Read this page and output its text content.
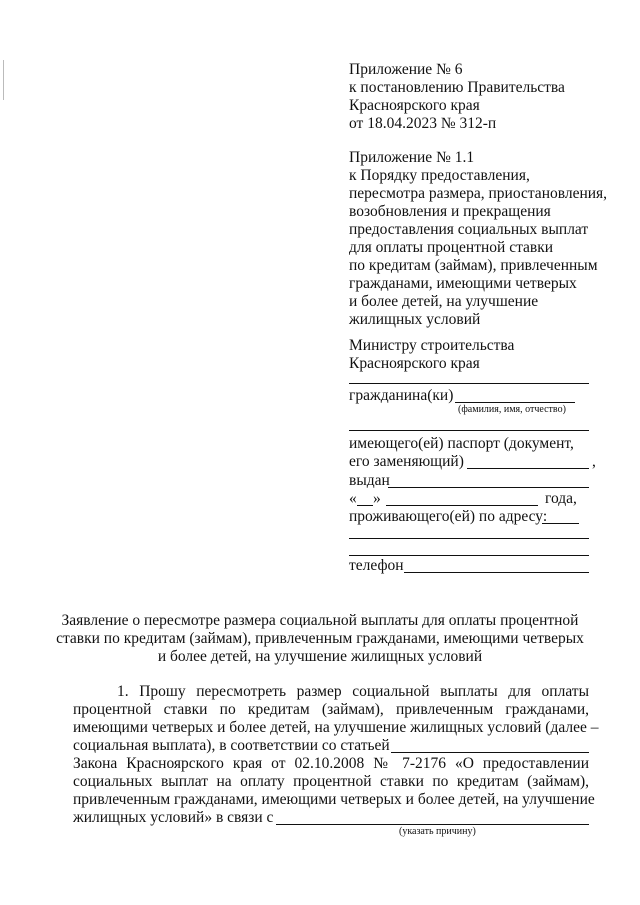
Приложение № 6
к постановлению Правительства
Красноярского края
от 18.04.2023 № 312-п
Приложение № 1.1
к Порядку предоставления,
пересмотра размера, приостановления,
возобновления и прекращения
предоставления социальных выплат
для оплаты процентной ставки
по кредитам (займам), привлеченным
гражданами, имеющими четверых
и более детей, на улучшение
жилищных условий
Министру строительства
Красноярского края
гражданина(ки)
(фамилия, имя, отчество)
имеющего(ей) паспорт (документ,
его заменяющий)	,
выдан
« »	года,
проживающего(ей) по адресу:
телефон
Заявление о пересмотре размера социальной выплаты для оплаты процентной
ставки по кредитам (займам), привлеченным гражданами, имеющими четверых
и более детей, на улучшение жилищных условий
1. Прошу пересмотреть размер социальной выплаты для оплаты
процентной ставки по кредитам (займам), привлеченным гражданами,
имеющими четверых и более детей, на улучшение жилищных условий (далее –
социальная выплата), в соответствии со статьей
Закона Красноярского края от 02.10.2008 № 7-2176 «О предоставлении
социальных выплат на оплату процентной ставки по кредитам (займам),
привлеченным гражданами, имеющими четверых и более детей, на улучшение
жилищных условий» в связи с
(указать причину)
